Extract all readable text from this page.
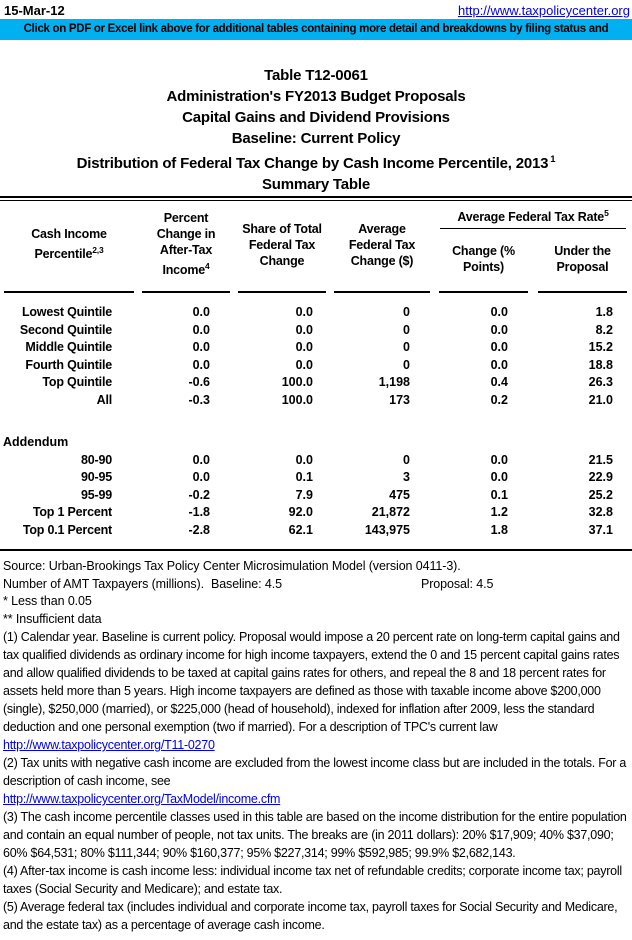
15-Mar-12	http://www.taxpolicycenter.org
Click on PDF or Excel link above for additional tables containing more detail and breakdowns by filing status and
Table T12-0061
Administration's FY2013 Budget Proposals
Capital Gains and Dividend Provisions
Baseline: Current Policy
Distribution of Federal Tax Change by Cash Income Percentile, 2013 $^1$
Summary Table
Cash Income
Percentile$^{2,3}$
Percent
Change in
After-Tax
Income$^4$
Share of Total
Federal Tax
Change
Average
Federal Tax
Change ($)
Average Federal Tax Rate$^5$
Change (%
Points)
Under the
Proposal
Lowest Quintile	0.0	0.0	0	0.0	1.8
Second Quintile	0.0	0.0	0	0.0	8.2
Middle Quintile	0.0	0.0	0	0.0	15.2
Fourth Quintile	0.0	0.0	0	0.0	18.8
Top Quintile	-0.6	100.0	1,198	0.4	26.3
All	-0.3	100.0	173	0.2	21.0
Addendum
80-90	0.0	0.0	0	0.0	21.5
90-95	0.0	0.1	3	0.0	22.9
95-99	-0.2	7.9	475	0.1	25.2
Top 1 Percent	-1.8	92.0	21,872	1.2	32.8
Top 0.1 Percent	-2.8	62.1	143,975	1.8	37.1
Source: Urban-Brookings Tax Policy Center Microsimulation Model (version 0411-3).
Number of AMT Taxpayers (millions). Baseline: 4.5	Proposal: 4.5
* Less than 0.05
** Insufficient data
(1) Calendar year. Baseline is current policy. Proposal would impose a 20 percent rate on long-term capital gains and tax qualified dividends as ordinary income for high income taxpayers, extend the 0 and 15 percent capital gains rates and allow qualified dividends to be taxed at capital gains rates for others, and repeal the 8 and 18 percent rates for assets held more than 5 years. High income taxpayers are defined as those with taxable income above $200,000 (single), $250,000 (married), or $225,000 (head of household), indexed for inflation after 2009, less the standard deduction and one personal exemption (two if married). For a description of TPC's current law
http://www.taxpolicycenter.org/T11-0270
(2) Tax units with negative cash income are excluded from the lowest income class but are included in the totals. For a description of cash income, see
http://www.taxpolicycenter.org/TaxModel/income.cfm
(3) The cash income percentile classes used in this table are based on the income distribution for the entire population and contain an equal number of people, not tax units. The breaks are (in 2011 dollars): 20% $17,909; 40% $37,090; 60% $64,531; 80% $111,344; 90% $160,377; 95% $227,314; 99% $592,985; 99.9% $2,682,143.
(4) After-tax income is cash income less: individual income tax net of refundable credits; corporate income tax; payroll taxes (Social Security and Medicare); and estate tax.
(5) Average federal tax (includes individual and corporate income tax, payroll taxes for Social Security and Medicare, and the estate tax) as a percentage of average cash income.
